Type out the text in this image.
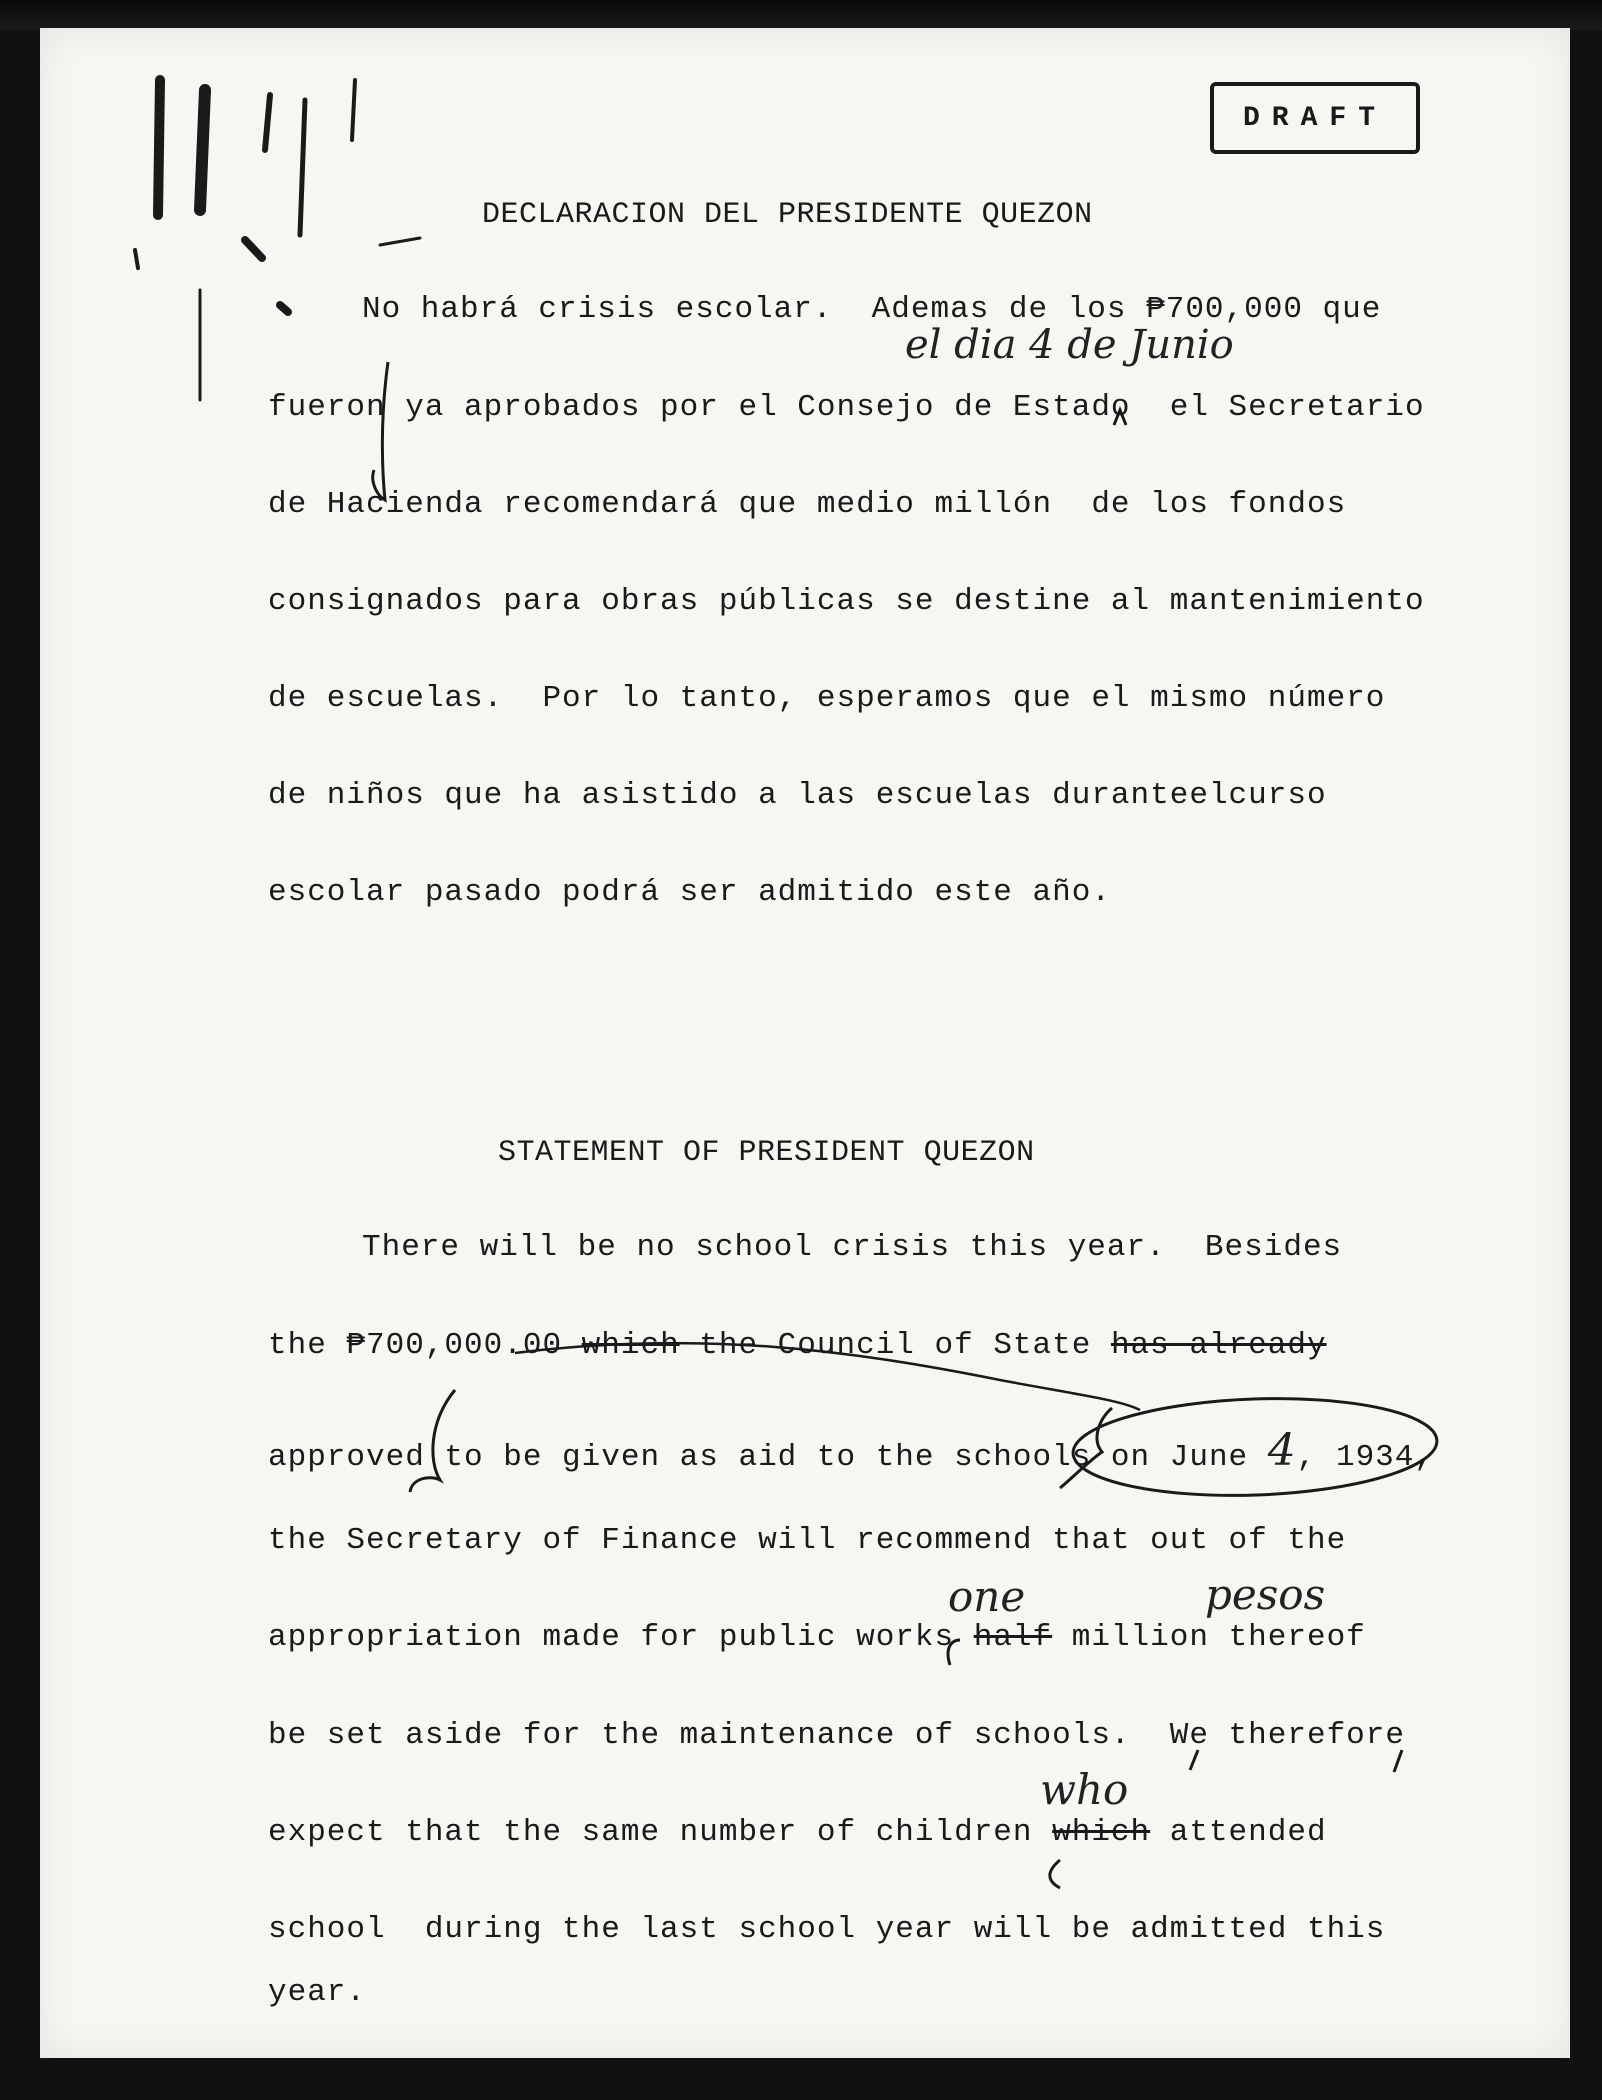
DRAFT
DECLARACION DEL PRESIDENTE QUEZON
No habrá crisis escolar.  Ademas de los ₱700,000 que
el dia 4 de Junio
fueron ya aprobados por el Consejo de Estado  el Secretario
de Hacienda recomendará que medio millón  de los fondos
consignados para obras públicas se destine al mantenimiento
de escuelas.  Por lo tanto, esperamos que el mismo número
de niños que ha asistido a las escuelas duranteelcurso
escolar pasado podrá ser admitido este año.
STATEMENT OF PRESIDENT QUEZON
There will be no school crisis this year.  Besides
the ₱700,000.00 which the Council of State has already
approved to be given as aid to the schools on June 4, 1934,
the Secretary of Finance will recommend that out of the
one	pesos
appropriation made for public works half million thereof
be set aside for the maintenance of schools.  We therefore
who
expect that the same number of children which attended
school  during the last school year will be admitted this
year.
